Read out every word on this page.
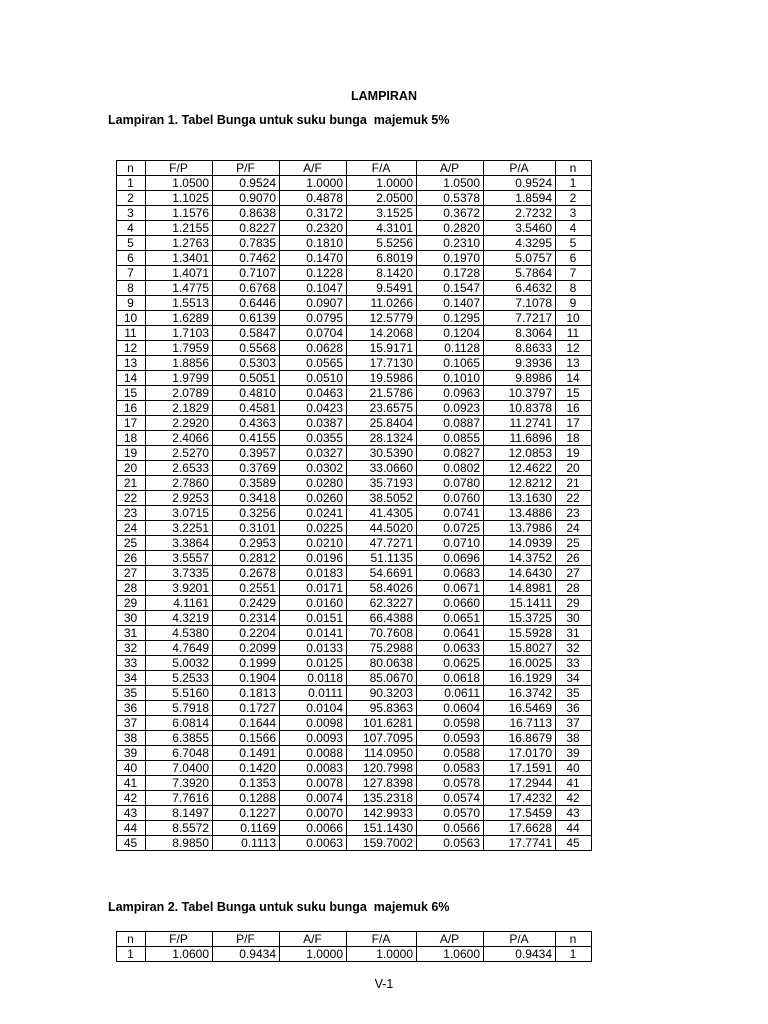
LAMPIRAN
Lampiran 1. Tabel Bunga untuk suku bunga  majemuk 5%
n	F/P	P/F	A/F	F/A	A/P	P/A	n
1	1.0500	0.9524	1.0000	1.0000	1.0500	0.9524	1
2	1.1025	0.9070	0.4878	2.0500	0.5378	1.8594	2
3	1.1576	0.8638	0.3172	3.1525	0.3672	2.7232	3
4	1.2155	0.8227	0.2320	4.3101	0.2820	3.5460	4
5	1.2763	0.7835	0.1810	5.5256	0.2310	4.3295	5
6	1.3401	0.7462	0.1470	6.8019	0.1970	5.0757	6
7	1.4071	0.7107	0.1228	8.1420	0.1728	5.7864	7
8	1.4775	0.6768	0.1047	9.5491	0.1547	6.4632	8
9	1.5513	0.6446	0.0907	11.0266	0.1407	7.1078	9
10	1.6289	0.6139	0.0795	12.5779	0.1295	7.7217	10
11	1.7103	0.5847	0.0704	14.2068	0.1204	8.3064	11
12	1.7959	0.5568	0.0628	15.9171	0.1128	8.8633	12
13	1.8856	0.5303	0.0565	17.7130	0.1065	9.3936	13
14	1.9799	0.5051	0.0510	19.5986	0.1010	9.8986	14
15	2.0789	0.4810	0.0463	21.5786	0.0963	10.3797	15
16	2.1829	0.4581	0.0423	23.6575	0.0923	10.8378	16
17	2.2920	0.4363	0.0387	25.8404	0.0887	11.2741	17
18	2.4066	0.4155	0.0355	28.1324	0.0855	11.6896	18
19	2.5270	0.3957	0.0327	30.5390	0.0827	12.0853	19
20	2.6533	0.3769	0.0302	33.0660	0.0802	12.4622	20
21	2.7860	0.3589	0.0280	35.7193	0.0780	12.8212	21
22	2.9253	0.3418	0.0260	38.5052	0.0760	13.1630	22
23	3.0715	0.3256	0.0241	41.4305	0.0741	13.4886	23
24	3.2251	0.3101	0.0225	44.5020	0.0725	13.7986	24
25	3.3864	0.2953	0.0210	47.7271	0.0710	14.0939	25
26	3.5557	0.2812	0.0196	51.1135	0.0696	14.3752	26
27	3.7335	0.2678	0.0183	54.6691	0.0683	14.6430	27
28	3.9201	0.2551	0.0171	58.4026	0.0671	14.8981	28
29	4.1161	0.2429	0.0160	62.3227	0.0660	15.1411	29
30	4.3219	0.2314	0.0151	66.4388	0.0651	15.3725	30
31	4.5380	0.2204	0.0141	70.7608	0.0641	15.5928	31
32	4.7649	0.2099	0.0133	75.2988	0.0633	15.8027	32
33	5.0032	0.1999	0.0125	80.0638	0.0625	16.0025	33
34	5.2533	0.1904	0.0118	85.0670	0.0618	16.1929	34
35	5.5160	0.1813	0.0111	90.3203	0.0611	16.3742	35
36	5.7918	0.1727	0.0104	95.8363	0.0604	16.5469	36
37	6.0814	0.1644	0.0098	101.6281	0.0598	16.7113	37
38	6.3855	0.1566	0.0093	107.7095	0.0593	16.8679	38
39	6.7048	0.1491	0.0088	114.0950	0.0588	17.0170	39
40	7.0400	0.1420	0.0083	120.7998	0.0583	17.1591	40
41	7.3920	0.1353	0.0078	127.8398	0.0578	17.2944	41
42	7.7616	0.1288	0.0074	135.2318	0.0574	17.4232	42
43	8.1497	0.1227	0.0070	142.9933	0.0570	17.5459	43
44	8.5572	0.1169	0.0066	151.1430	0.0566	17.6628	44
45	8.9850	0.1113	0.0063	159.7002	0.0563	17.7741	45
Lampiran 2. Tabel Bunga untuk suku bunga  majemuk 6%
n	F/P	P/F	A/F	F/A	A/P	P/A	n
1	1.0600	0.9434	1.0000	1.0000	1.0600	0.9434	1
V-1
